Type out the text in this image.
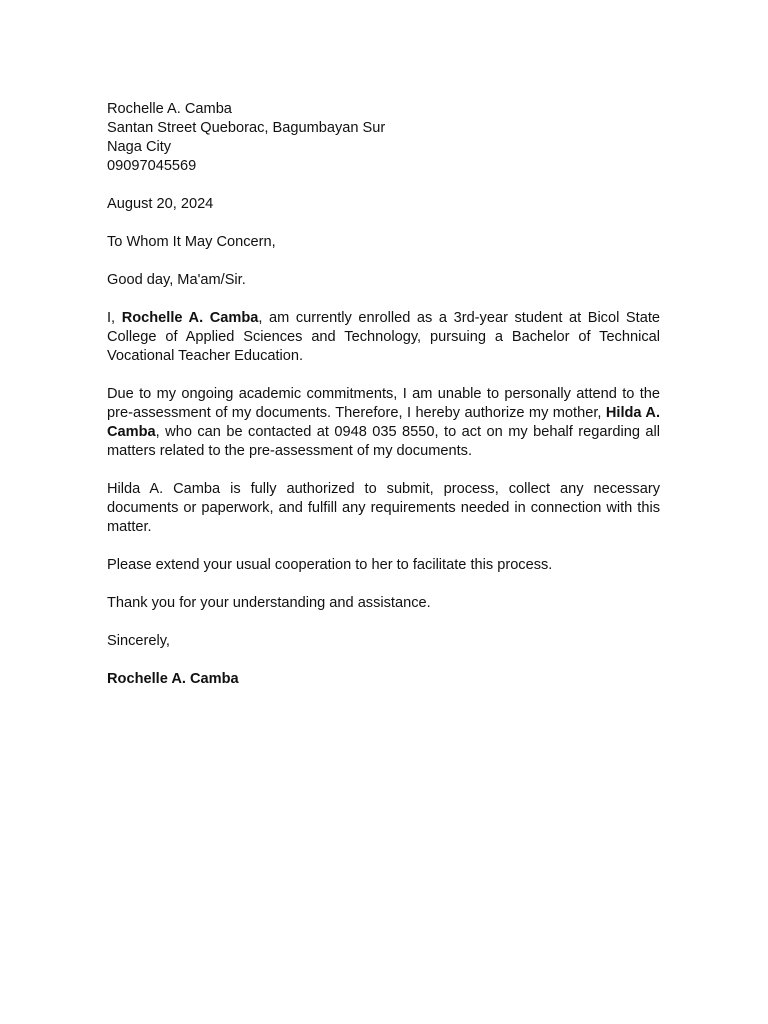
Rochelle A. Camba
Santan Street Queborac, Bagumbayan Sur
Naga City
09097045569
August 20, 2024
To Whom It May Concern,
Good day, Ma'am/Sir.

I, Rochelle A. Camba, am currently enrolled as a 3rd-year student at Bicol State College of Applied Sciences and Technology, pursuing a Bachelor of Technical Vocational Teacher Education.

Due to my ongoing academic commitments, I am unable to personally attend to the pre-assessment of my documents. Therefore, I hereby authorize my mother, Hilda A. Camba, who can be contacted at 0948 035 8550, to act on my behalf regarding all matters related to the pre-assessment of my documents.

Hilda A. Camba is fully authorized to submit, process, collect any necessary documents or paperwork, and fulfill any requirements needed in connection with this matter.

Please extend your usual cooperation to her to facilitate this process.

Thank you for your understanding and assistance.

Sincerely,
Rochelle A. Camba
